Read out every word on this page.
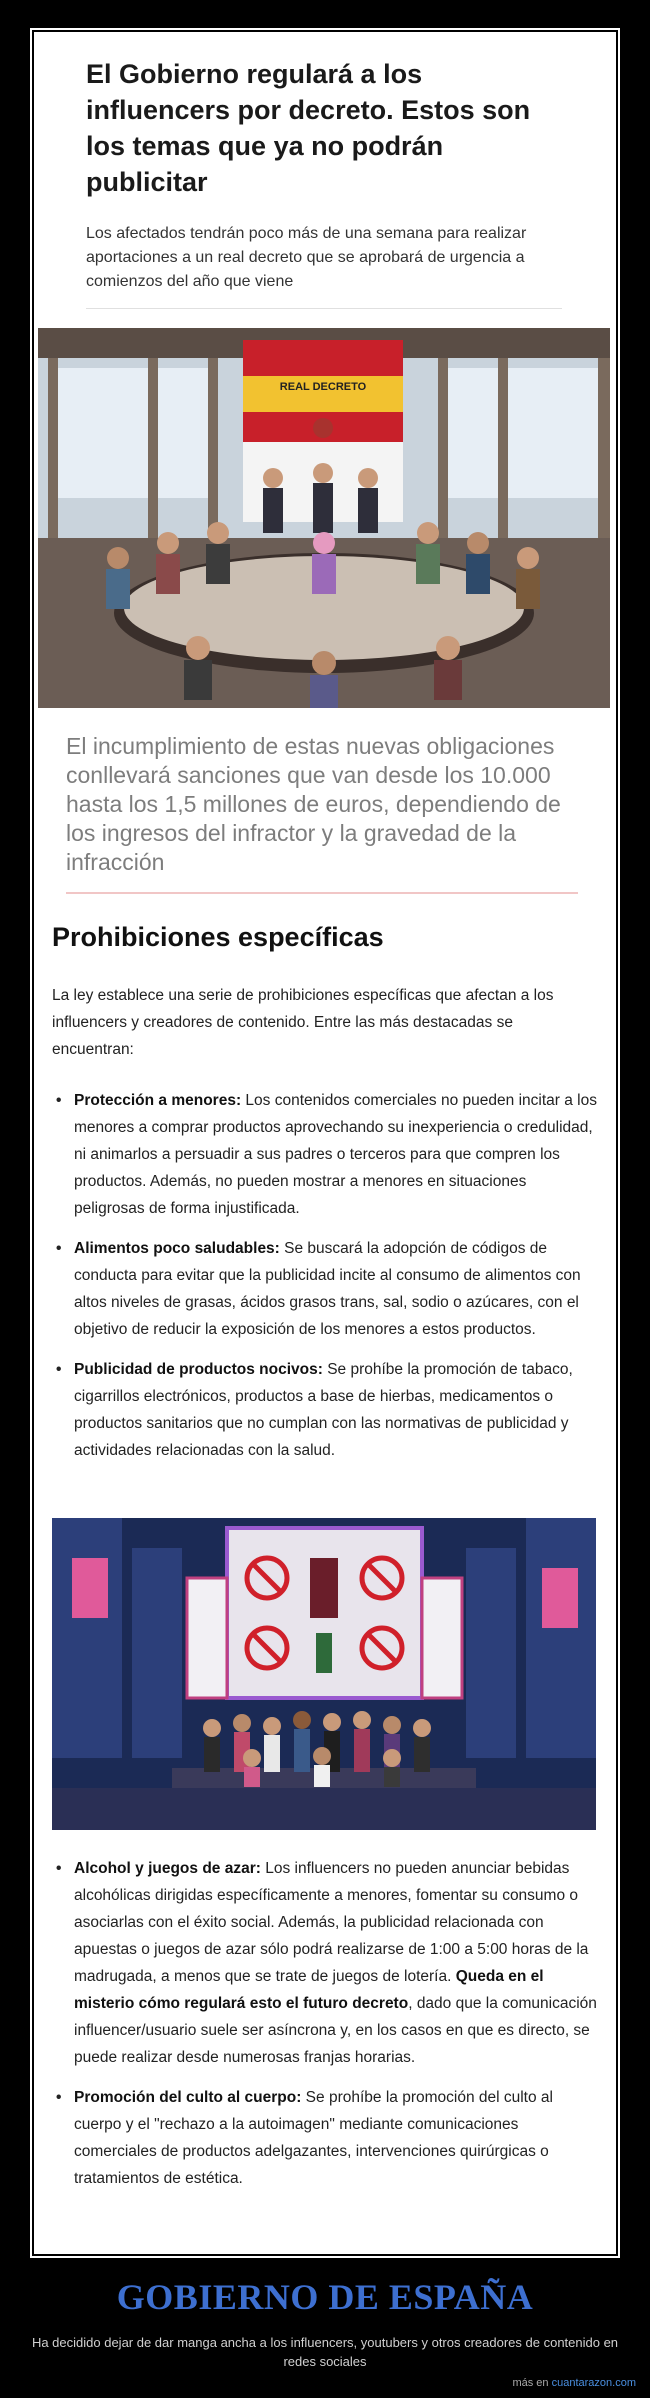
El Gobierno regulará a los influencers por decreto. Estos son los temas que ya no podrán publicitar

Los afectados tendrán poco más de una semana para realizar aportaciones a un real decreto que se aprobará de urgencia a comienzos del año que viene

REAL DECRETO

El incumplimiento de estas nuevas obligaciones conllevará sanciones que van desde los 10.000 hasta los 1,5 millones de euros, dependiendo de los ingresos del infractor y la gravedad de la infracción

Prohibiciones específicas

La ley establece una serie de prohibiciones específicas que afectan a los influencers y creadores de contenido. Entre las más destacadas se encuentran:

• Protección a menores: Los contenidos comerciales no pueden incitar a los menores a comprar productos aprovechando su inexperiencia o credulidad, ni animarlos a persuadir a sus padres o terceros para que compren los productos. Además, no pueden mostrar a menores en situaciones peligrosas de forma injustificada.
• Alimentos poco saludables: Se buscará la adopción de códigos de conducta para evitar que la publicidad incite al consumo de alimentos con altos niveles de grasas, ácidos grasos trans, sal, sodio o azúcares, con el objetivo de reducir la exposición de los menores a estos productos.
• Publicidad de productos nocivos: Se prohíbe la promoción de tabaco, cigarrillos electrónicos, productos a base de hierbas, medicamentos o productos sanitarios que no cumplan con las normativas de publicidad y actividades relacionadas con la salud.
• Alcohol y juegos de azar: Los influencers no pueden anunciar bebidas alcohólicas dirigidas específicamente a menores, fomentar su consumo o asociarlas con el éxito social. Además, la publicidad relacionada con apuestas o juegos de azar sólo podrá realizarse de 1:00 a 5:00 horas de la madrugada, a menos que se trate de juegos de lotería. Queda en el misterio cómo regulará esto el futuro decreto, dado que la comunicación influencer/usuario suele ser asíncrona y, en los casos en que es directo, se puede realizar desde numerosas franjas horarias.
• Promoción del culto al cuerpo: Se prohíbe la promoción del culto al cuerpo y el "rechazo a la autoimagen" mediante comunicaciones comerciales de productos adelgazantes, intervenciones quirúrgicas o tratamientos de estética.
GOBIERNO DE ESPAÑA

Ha decidido dejar de dar manga ancha a los influencers, youtubers y otros creadores de contenido en redes sociales

más en cuantarazon.com
